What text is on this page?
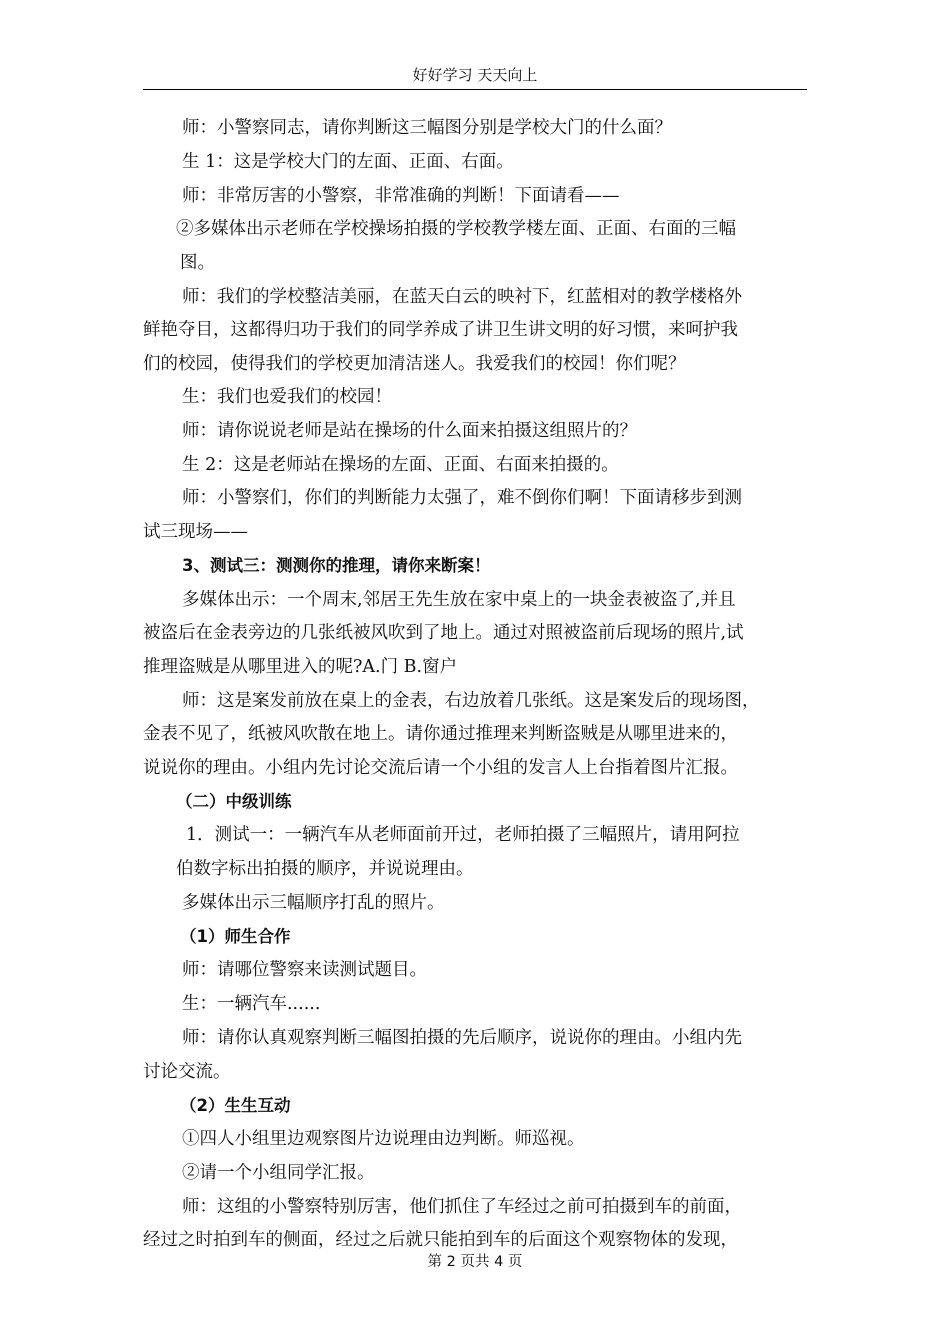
好好学习 天天向上
师：小警察同志，请你判断这三幅图分别是学校大门的什么面？
生 1：这是学校大门的左面、正面、右面。
师：非常厉害的小警察，非常准确的判断！下面请看——
②多媒体出示老师在学校操场拍摄的学校教学楼左面、正面、右面的三幅
图。
师：我们的学校整洁美丽，在蓝天白云的映衬下，红蓝相对的教学楼格外
鲜艳夺目，这都得归功于我们的同学养成了讲卫生讲文明的好习惯，来呵护我
们的校园，使得我们的学校更加清洁迷人。我爱我们的校园！你们呢？
生：我们也爱我们的校园！
师：请你说说老师是站在操场的什么面来拍摄这组照片的？
生 2：这是老师站在操场的左面、正面、右面来拍摄的。
师：小警察们，你们的判断能力太强了，难不倒你们啊！下面请移步到测
试三现场——
3、测试三：测测你的推理，请你来断案！
多媒体出示：一个周末,邻居王先生放在家中桌上的一块金表被盗了,并且
被盗后在金表旁边的几张纸被风吹到了地上。通过对照被盗前后现场的照片,试
推理盗贼是从哪里进入的呢?A.门 B.窗户
师：这是案发前放在桌上的金表，右边放着几张纸。这是案发后的现场图，
金表不见了，纸被风吹散在地上。请你通过推理来判断盗贼是从哪里进来的，
说说你的理由。小组内先讨论交流后请一个小组的发言人上台指着图片汇报。
（二）中级训练
1．测试一：一辆汽车从老师面前开过，老师拍摄了三幅照片，请用阿拉
伯数字标出拍摄的顺序，并说说理由。
多媒体出示三幅顺序打乱的照片。
（1）师生合作
师：请哪位警察来读测试题目。
生：一辆汽车......
师：请你认真观察判断三幅图拍摄的先后顺序，说说你的理由。小组内先
讨论交流。
（2）生生互动
①四人小组里边观察图片边说理由边判断。师巡视。
②请一个小组同学汇报。
师：这组的小警察特别厉害，他们抓住了车经过之前可拍摄到车的前面，
经过之时拍到车的侧面，经过之后就只能拍到车的后面这个观察物体的发现，
第 2 页共 4 页
